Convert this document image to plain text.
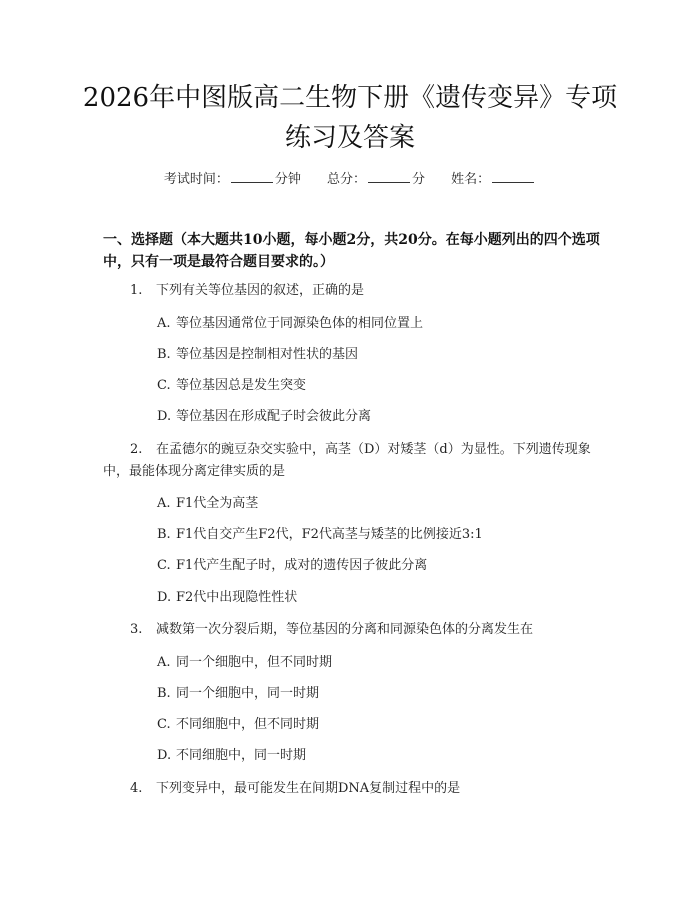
2026年中图版高二生物下册《遗传变异》专项练习及答案
考试时间：	分钟 总分：	分 姓名：
一、选择题（本大题共10小题，每小题2分，共20分。在每小题列出的四个选项中，只有一项是最符合题目要求的。）
1. 下列有关等位基因的叙述，正确的是
A. 等位基因通常位于同源染色体的相同位置上
B. 等位基因是控制相对性状的基因
C. 等位基因总是发生突变
D. 等位基因在形成配子时会彼此分离
2. 在孟德尔的豌豆杂交实验中，高茎（D）对矮茎（d）为显性。下列遗传现象中，最能体现分离定律实质的是
A. F1代全为高茎
B. F1代自交产生F2代，F2代高茎与矮茎的比例接近3:1
C. F1代产生配子时，成对的遗传因子彼此分离
D. F2代中出现隐性性状
3. 减数第一次分裂后期，等位基因的分离和同源染色体的分离发生在
A. 同一个细胞中，但不同时期
B. 同一个细胞中，同一时期
C. 不同细胞中，但不同时期
D. 不同细胞中，同一时期
4. 下列变异中，最可能发生在间期DNA复制过程中的是
